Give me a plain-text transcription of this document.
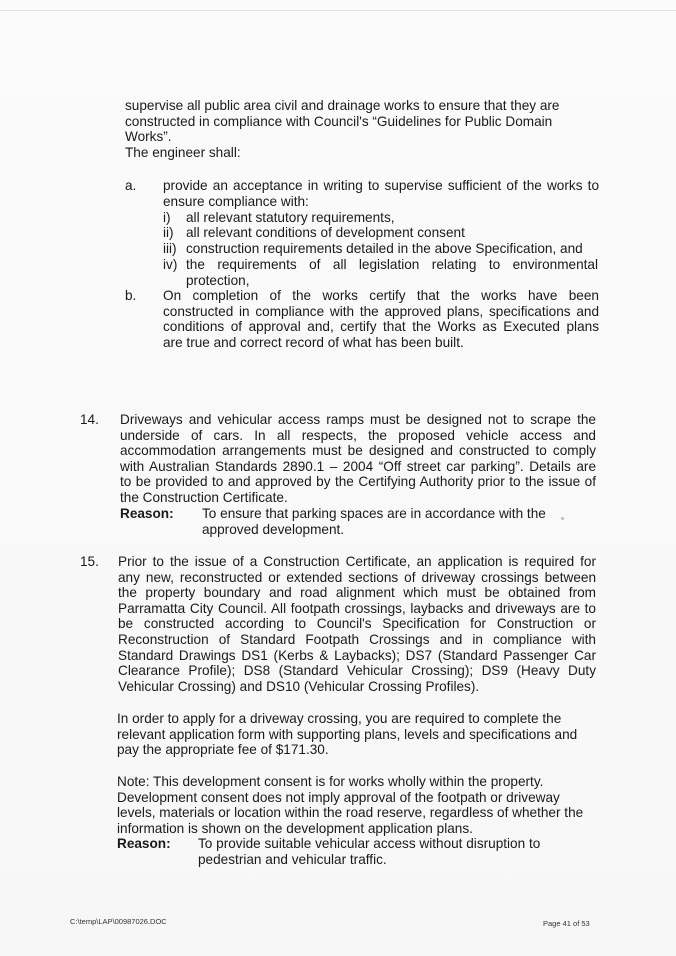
supervise all public area civil and drainage works to ensure that they are
constructed in compliance with Council's “Guidelines for Public Domain
Works”.
The engineer shall:
a. provide an acceptance in writing to supervise sufficient of the works to
ensure compliance with:
i) all relevant statutory requirements,
ii) all relevant conditions of development consent
iii) construction requirements detailed in the above Specification, and
iv) the requirements of all legislation relating to environmental
protection,
b. On completion of the works certify that the works have been
constructed in compliance with the approved plans, specifications and
conditions of approval and, certify that the Works as Executed plans
are true and correct record of what has been built.
14. Driveways and vehicular access ramps must be designed not to scrape the
underside of cars. In all respects, the proposed vehicle access and
accommodation arrangements must be designed and constructed to comply
with Australian Standards 2890.1 – 2004 “Off street car parking”. Details are
to be provided to and approved by the Certifying Authority prior to the issue of
the Construction Certificate.
Reason: To ensure that parking spaces are in accordance with the
approved development.
15. Prior to the issue of a Construction Certificate, an application is required for
any new, reconstructed or extended sections of driveway crossings between
the property boundary and road alignment which must be obtained from
Parramatta City Council. All footpath crossings, laybacks and driveways are to
be constructed according to Council's Specification for Construction or
Reconstruction of Standard Footpath Crossings and in compliance with
Standard Drawings DS1 (Kerbs & Laybacks); DS7 (Standard Passenger Car
Clearance Profile); DS8 (Standard Vehicular Crossing); DS9 (Heavy Duty
Vehicular Crossing) and DS10 (Vehicular Crossing Profiles).
In order to apply for a driveway crossing, you are required to complete the
relevant application form with supporting plans, levels and specifications and
pay the appropriate fee of $171.30.
Note: This development consent is for works wholly within the property.
Development consent does not imply approval of the footpath or driveway
levels, materials or location within the road reserve, regardless of whether the
information is shown on the development application plans.
Reason: To provide suitable vehicular access without disruption to
pedestrian and vehicular traffic.
C:\temp\LAP\00987026.DOC	Page 41 of 53
